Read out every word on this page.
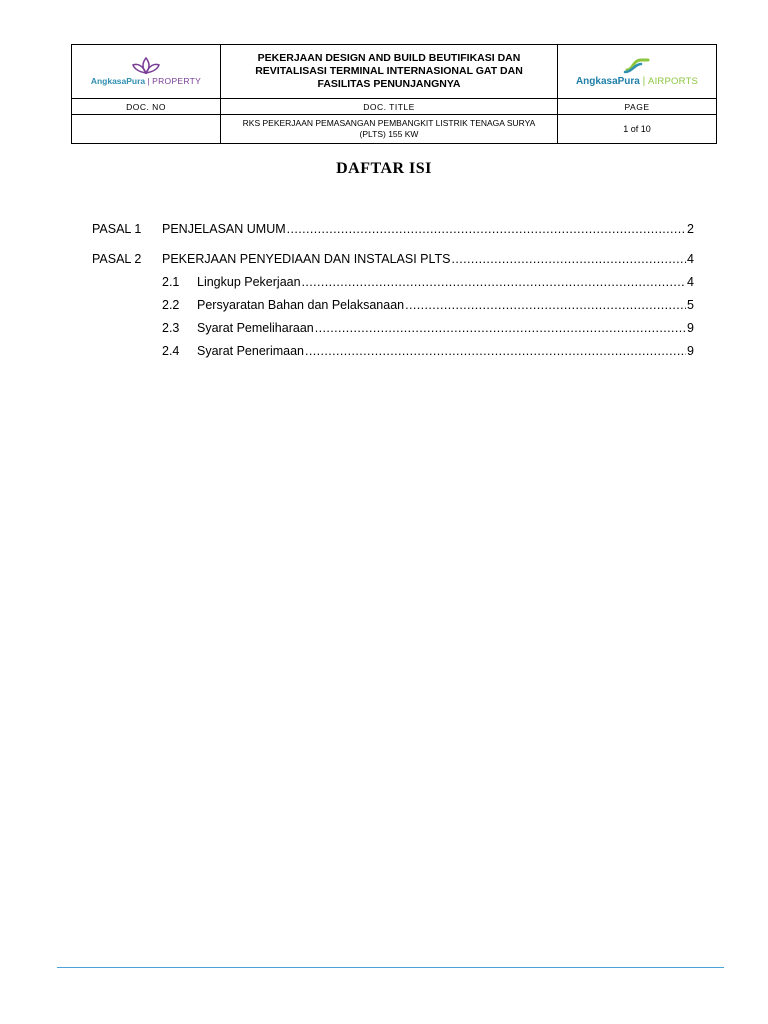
AngkasaPura | PROPERTY	PEKERJAAN DESIGN AND BUILD BEUTIFIKASI DAN REVITALISASI TERMINAL INTERNASIONAL GAT DAN FASILITAS PENUNJANGNYA	AngkasaPura | AIRPORTS

DOC. NO	DOC. TITLE	PAGE
	RKS PEKERJAAN PEMASANGAN PEMBANGKIT LISTRIK TENAGA SURYA (PLTS) 155 KW	1 of 10
DAFTAR ISI
PASAL 1	PENJELASAN UMUM .....	2
PASAL 2	PEKERJAAN PENYEDIAAN DAN INSTALASI PLTS .....	4
2.1	Lingkup Pekerjaan .....	4
2.2	Persyaratan Bahan dan Pelaksanaan .....	5
2.3	Syarat Pemeliharaan .....	9
2.4	Syarat Penerimaan .....	9
